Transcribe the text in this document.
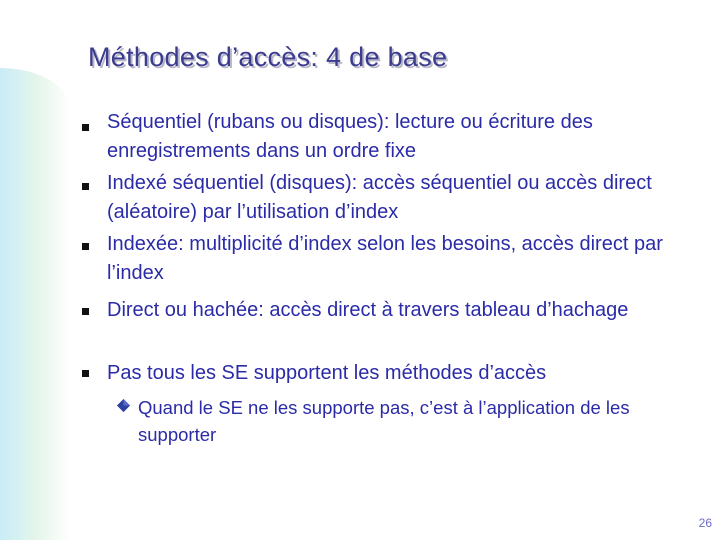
Méthodes d’accès: 4 de base
Séquentiel (rubans ou disques): lecture ou écriture des enregistrements dans un ordre fixe
Indexé séquentiel (disques): accès séquentiel ou accès direct (aléatoire) par l’utilisation d’index
Indexée: multiplicité d’index selon les besoins, accès direct par l’index
Direct ou hachée: accès direct à travers tableau d’hachage
Pas tous les SE supportent les méthodes d’accès
Quand le SE ne les supporte pas, c’est à l’application de les supporter
26
